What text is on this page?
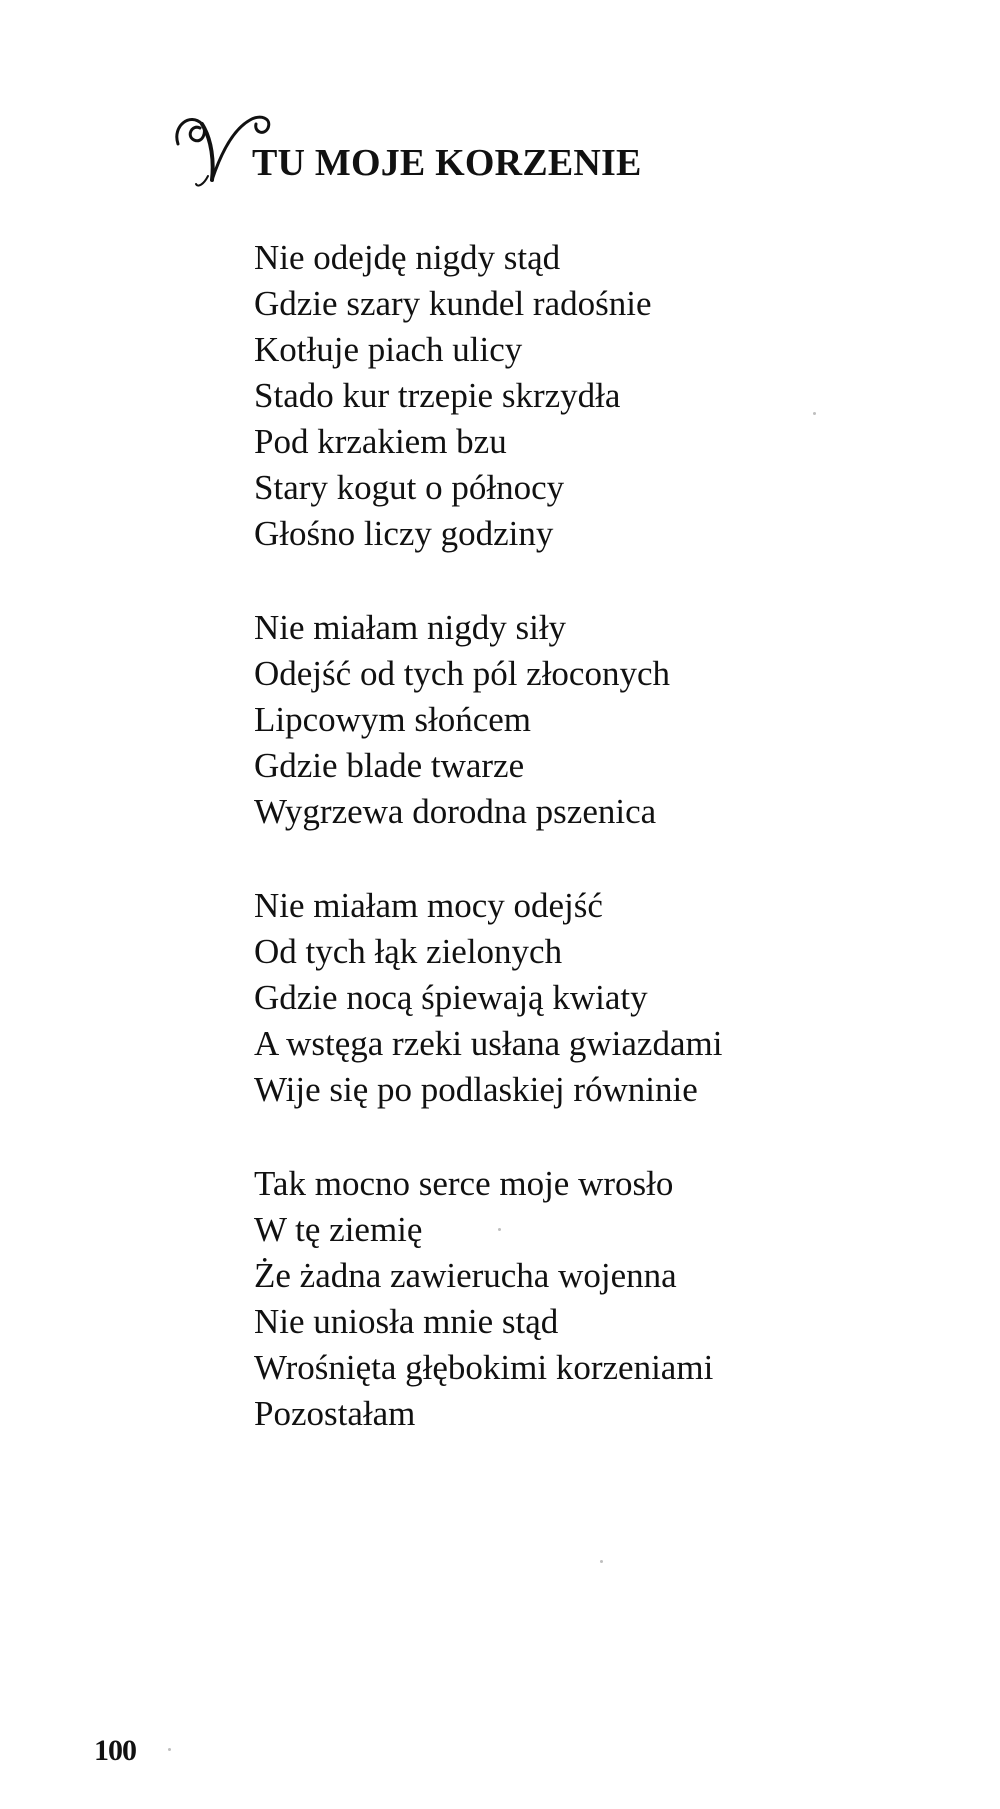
TU MOJE KORZENIE

Nie odejdę nigdy stąd
Gdzie szary kundel radośnie
Kotłuje piach ulicy
Stado kur trzepie skrzydła
Pod krzakiem bzu
Stary kogut o północy
Głośno liczy godziny

Nie miałam nigdy siły
Odejść od tych pól złoconych
Lipcowym słońcem
Gdzie blade twarze
Wygrzewa dorodna pszenica

Nie miałam mocy odejść
Od tych łąk zielonych
Gdzie nocą śpiewają kwiaty
A wstęga rzeki usłana gwiazdami
Wije się po podlaskiej równinie

Tak mocno serce moje wrosło
W tę ziemię
Że żadna zawierucha wojenna
Nie uniosła mnie stąd
Wrośnięta głębokimi korzeniami
Pozostałam

100
